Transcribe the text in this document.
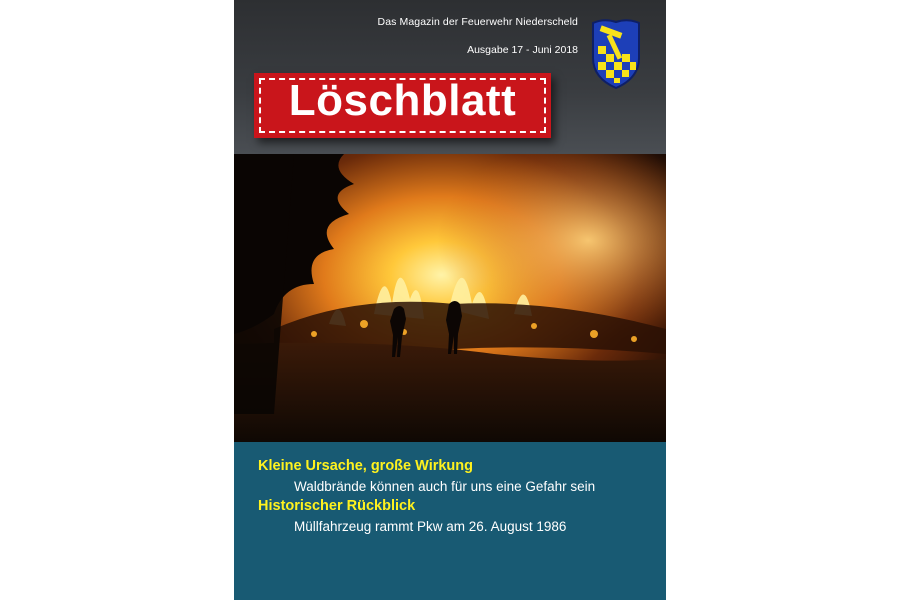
Das Magazin der Feuerwehr Niederscheld
Ausgabe 17 - Juni 2018
Löschblatt
Kleine Ursache, große Wirkung
Waldbrände können auch für uns eine Gefahr sein
Historischer Rückblick
Müllfahrzeug rammt Pkw am 26. August 1986
